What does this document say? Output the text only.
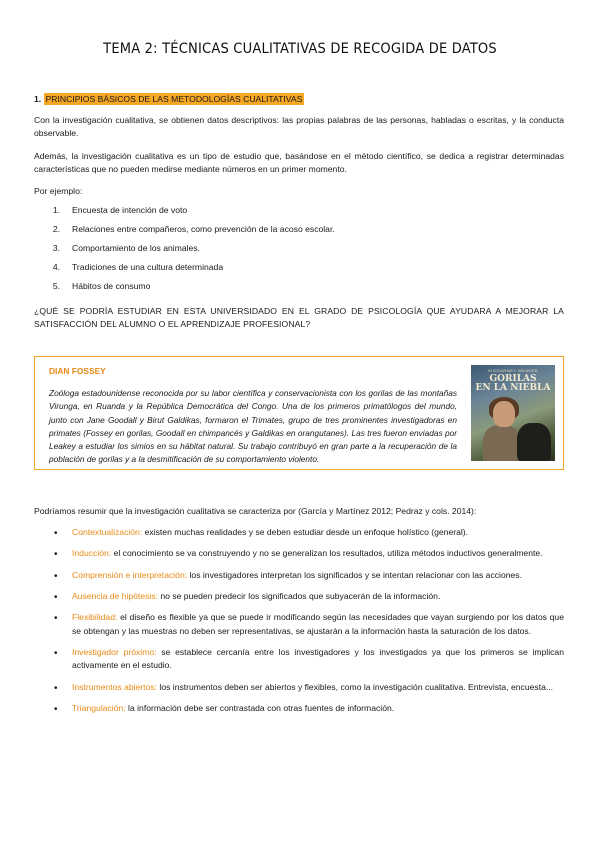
TEMA 2: TÉCNICAS CUALITATIVAS DE RECOGIDA DE DATOS
1. PRINCIPIOS BÁSICOS DE LAS METODOLOGÍAS CUALITATIVAS

Con la investigación cualitativa, se obtienen datos descriptivos: las propias palabras de las personas, habladas o escritas, y la conducta observable.

Además, la investigación cualitativa es un tipo de estudio que, basándose en el método científico, se dedica a registrar determinadas características que no pueden medirse mediante números en un primer momento.

Por ejemplo:

1.	Encuesta de intención de voto
2.	Relaciones entre compañeros, como prevención de la acoso escolar.
3.	Comportamiento de los animales.
4.	Tradiciones de una cultura determinada
5.	Hábitos de consumo

¿QUÉ SE PODRÍA ESTUDIAR EN ESTA UNIVERSIDADO EN EL GRADO DE PSICOLOGÍA QUE AYUDARA A MEJORAR LA SATISFACCIÓN DEL ALUMNO O EL APRENDIZAJE PROFESIONAL?

DIAN FOSSEY
Zoóloga estadounidense reconocida por su labor científica y conservacionista con los gorilas de las montañas Virunga, en Ruanda y la República Democrática del Congo. Una de los primeros primatólogos del mundo, junto con Jane Goodall y Birut Galdikas, formaron el Trimates, grupo de tres prominentes investigadoras en primates (Fossey en gorilas, Goodall en chimpancés y Galdikas en orangutanes). Las tres fueron enviadas por Leakey a estudiar los simios en su hábitat natural. Su trabajo contribuyó en gran parte a la recuperación de la población de gorilas y a la desmitificación de su comportamiento violento.
SIGOURNEY WEAVER
GORILAS
EN LA NIEBLA

Podríamos resumir que la investigación cualitativa se caracteriza por (García y Martínez 2012; Pedraz y cols. 2014):

• Contextualización: existen muchas realidades y se deben estudiar desde un enfoque holístico (general).
• Inducción: el conocimiento se va construyendo y no se generalizan los resultados, utiliza métodos inductivos generalmente.
• Comprensión e interpretación: los investigadores interpretan los significados y se intentan relacionar con las acciones.
• Ausencia de hipótesis: no se pueden predecir los significados que subyacerán de la información.
• Flexibilidad: el diseño es flexible ya que se puede ir modificando según las necesidades que vayan surgiendo por los datos que se obtengan y las muestras no deben ser representativas, se ajustarán a la información hasta la saturación de los datos.
• Investigador próximo: se establece cercanía entre los investigadores y los investigados ya que los primeros se implican activamente en el estudio.
• Instrumentos abiertos: los instrumentos deben ser abiertos y flexibles, como la investigación cualitativa. Entrevista, encuesta...
• Triangulación: la información debe ser contrastada con otras fuentes de información.
